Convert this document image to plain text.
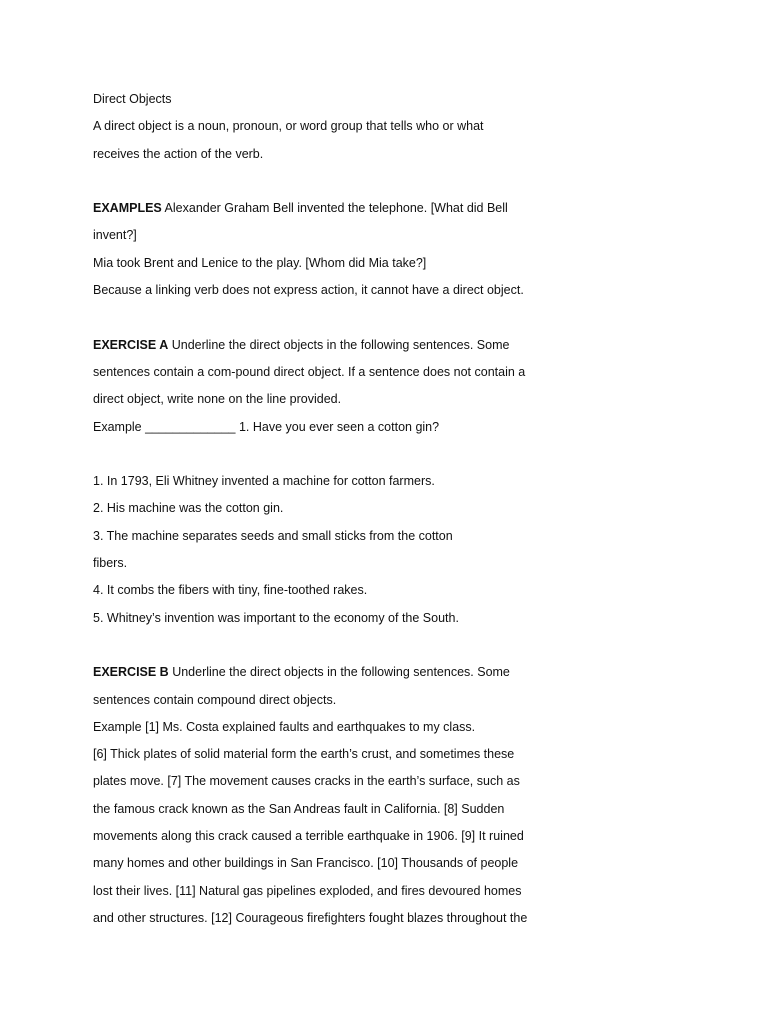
Direct Objects
A direct object is a noun, pronoun, or word group that tells who or what
receives the action of the verb.
EXAMPLES Alexander Graham Bell invented the telephone. [What did Bell
invent?]
Mia took Brent and Lenice to the play. [Whom did Mia take?]
Because a linking verb does not express action, it cannot have a direct object.
EXERCISE A Underline the direct objects in the following sentences. Some
sentences contain a com-pound direct object. If a sentence does not contain a
direct object, write none on the line provided.
Example _____________ 1. Have you ever seen a cotton gin?
1. In 1793, Eli Whitney invented a machine for cotton farmers.
2. His machine was the cotton gin.
3. The machine separates seeds and small sticks from the cotton
fibers.
4. It combs the fibers with tiny, fine-toothed rakes.
5. Whitney’s invention was important to the economy of the South.
EXERCISE B Underline the direct objects in the following sentences. Some
sentences contain compound direct objects.
Example [1] Ms. Costa explained faults and earthquakes to my class.
[6] Thick plates of solid material form the earth’s crust, and sometimes these
plates move. [7] The movement causes cracks in the earth’s surface, such as
the famous crack known as the San Andreas fault in California. [8] Sudden
movements along this crack caused a terrible earthquake in 1906. [9] It ruined
many homes and other buildings in San Francisco. [10] Thousands of people
lost their lives. [11] Natural gas pipelines exploded, and fires devoured homes
and other structures. [12] Courageous firefighters fought blazes throughout the
